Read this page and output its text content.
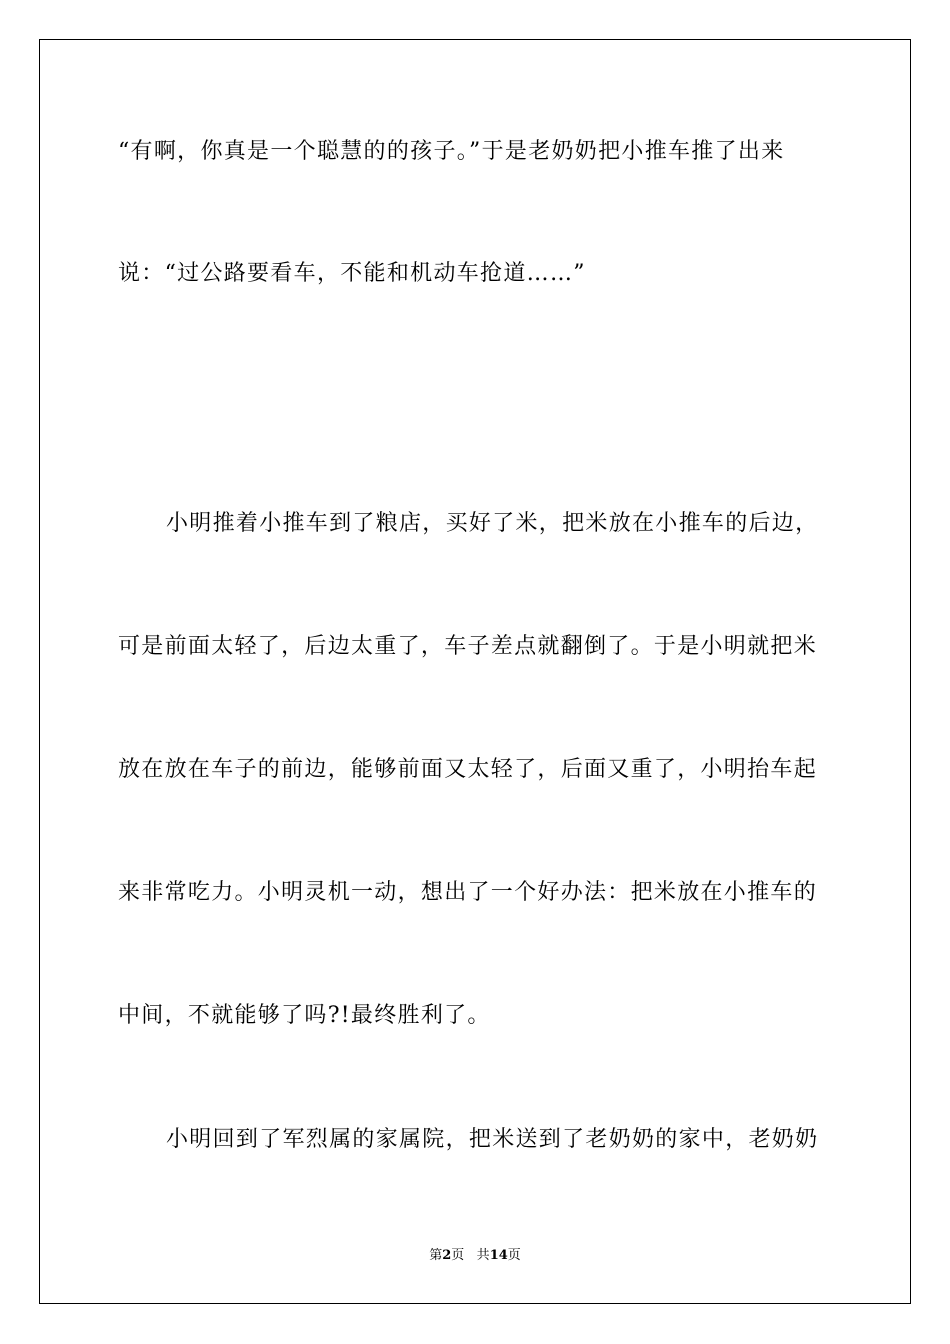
“有啊，你真是一个聪慧的的孩子。”于是老奶奶把小推车推了出来
说：“过公路要看车，不能和机动车抢道……”
小明推着小推车到了粮店，买好了米，把米放在小推车的后边，
可是前面太轻了，后边太重了，车子差点就翻倒了。于是小明就把米
放在放在车子的前边，能够前面又太轻了，后面又重了，小明抬车起
来非常吃力。小明灵机一动，想出了一个好办法：把米放在小推车的
中间，不就能够了吗?!最终胜利了。
小明回到了军烈属的家属院，把米送到了老奶奶的家中，老奶奶
第2页 共14页
